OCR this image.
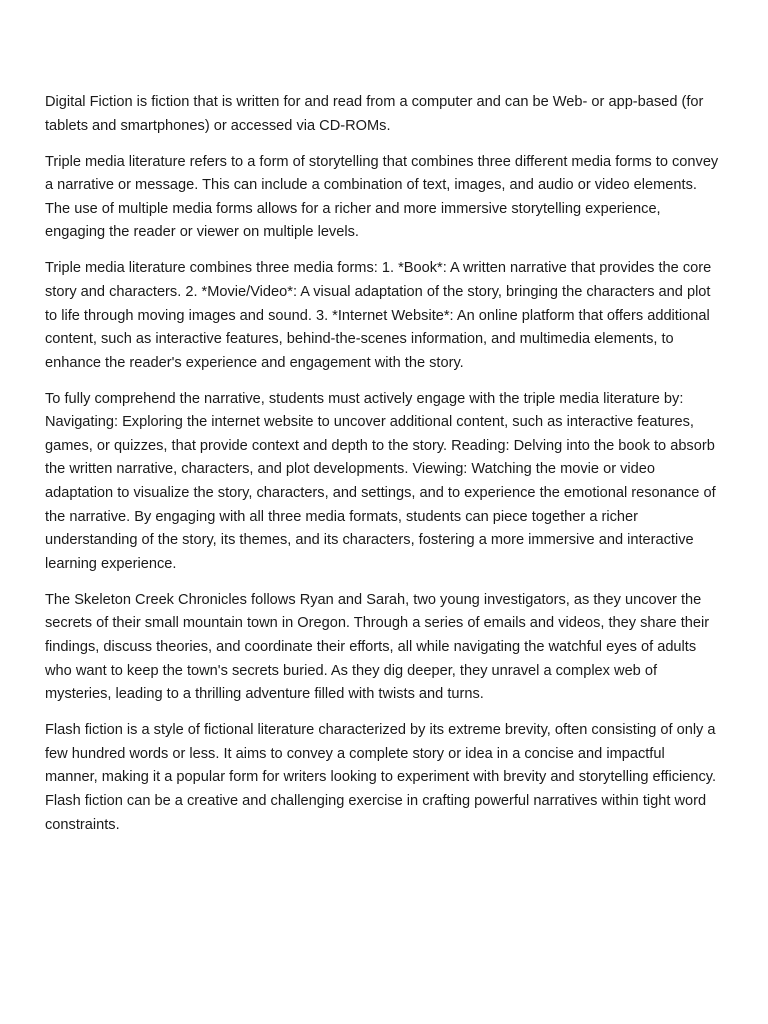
Digital Fiction is fiction that is written for and read from a computer and can be Web- or app-based (for tablets and smartphones) or accessed via CD-ROMs.

Triple media literature refers to a form of storytelling that combines three different media forms to convey a narrative or message. This can include a combination of text, images, and audio or video elements. The use of multiple media forms allows for a richer and more immersive storytelling experience, engaging the reader or viewer on multiple levels.

Triple media literature combines three media forms: 1. *Book*: A written narrative that provides the core story and characters. 2. *Movie/Video*: A visual adaptation of the story, bringing the characters and plot to life through moving images and sound. 3. *Internet Website*: An online platform that offers additional content, such as interactive features, behind-the-scenes information, and multimedia elements, to enhance the reader's experience and engagement with the story.

To fully comprehend the narrative, students must actively engage with the triple media literature by: Navigating: Exploring the internet website to uncover additional content, such as interactive features, games, or quizzes, that provide context and depth to the story. Reading: Delving into the book to absorb the written narrative, characters, and plot developments. Viewing: Watching the movie or video adaptation to visualize the story, characters, and settings, and to experience the emotional resonance of the narrative. By engaging with all three media formats, students can piece together a richer understanding of the story, its themes, and its characters, fostering a more immersive and interactive learning experience.

The Skeleton Creek Chronicles follows Ryan and Sarah, two young investigators, as they uncover the secrets of their small mountain town in Oregon. Through a series of emails and videos, they share their findings, discuss theories, and coordinate their efforts, all while navigating the watchful eyes of adults who want to keep the town's secrets buried. As they dig deeper, they unravel a complex web of mysteries, leading to a thrilling adventure filled with twists and turns.

Flash fiction is a style of fictional literature characterized by its extreme brevity, often consisting of only a few hundred words or less. It aims to convey a complete story or idea in a concise and impactful manner, making it a popular form for writers looking to experiment with brevity and storytelling efficiency. Flash fiction can be a creative and challenging exercise in crafting powerful narratives within tight word constraints.
